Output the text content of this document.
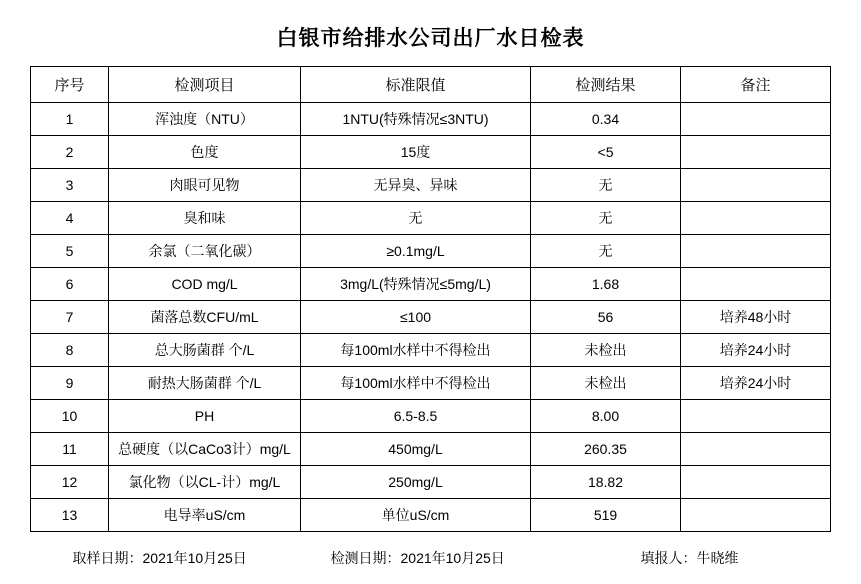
白银市给排水公司出厂水日检表
序号	检测项目	标准限值	检测结果	备注
1	浑浊度（NTU）	1NTU(特殊情况≤3NTU)	0.34	
2	色度	15度	<5	
3	肉眼可见物	无异臭、异味	无	
4	臭和味	无	无	
5	余氯（二氧化碳）	≥0.1mg/L	无	
6	COD mg/L	3mg/L(特殊情况≤5mg/L)	1.68	
7	菌落总数CFU/mL	≤100	56	培养48小时
8	总大肠菌群 个/L	每100ml水样中不得检出	未检出	培养24小时
9	耐热大肠菌群 个/L	每100ml水样中不得检出	未检出	培养24小时
10	PH	6.5-8.5	8.00	
11	总硬度（以CaCo3计）mg/L	450mg/L	260.35	
12	氯化物（以CL-计）mg/L	250mg/L	18.82	
13	电导率uS/cm	单位uS/cm	519	
取样日期：2021年10月25日	检测日期：2021年10月25日	填报人：牛晓维
